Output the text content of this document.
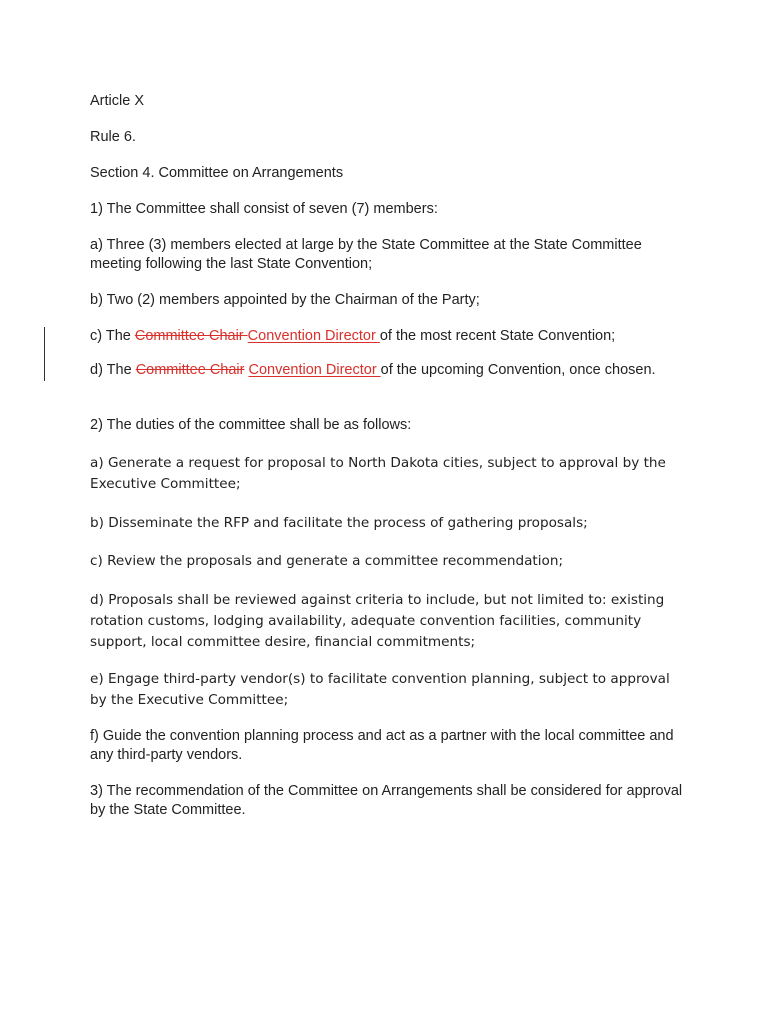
Article X

Rule 6.

Section 4. Committee on Arrangements

1) The Committee shall consist of seven (7) members:

a) Three (3) members elected at large by the State Committee at the State Committee meeting following the last State Convention;

b) Two (2) members appointed by the Chairman of the Party;

c) The Committee Chair Convention Director of the most recent State Convention;

d) The Committee Chair Convention Director of the upcoming Convention, once chosen.

2) The duties of the committee shall be as follows:

a) Generate a request for proposal to North Dakota cities, subject to approval by the Executive Committee;

b) Disseminate the RFP and facilitate the process of gathering proposals;

c) Review the proposals and generate a committee recommendation;

d) Proposals shall be reviewed against criteria to include, but not limited to: existing rotation customs, lodging availability, adequate convention facilities, community support, local committee desire, financial commitments;

e) Engage third-party vendor(s) to facilitate convention planning, subject to approval by the Executive Committee;

f) Guide the convention planning process and act as a partner with the local committee and any third-party vendors.

3) The recommendation of the Committee on Arrangements shall be considered for approval by the State Committee.
